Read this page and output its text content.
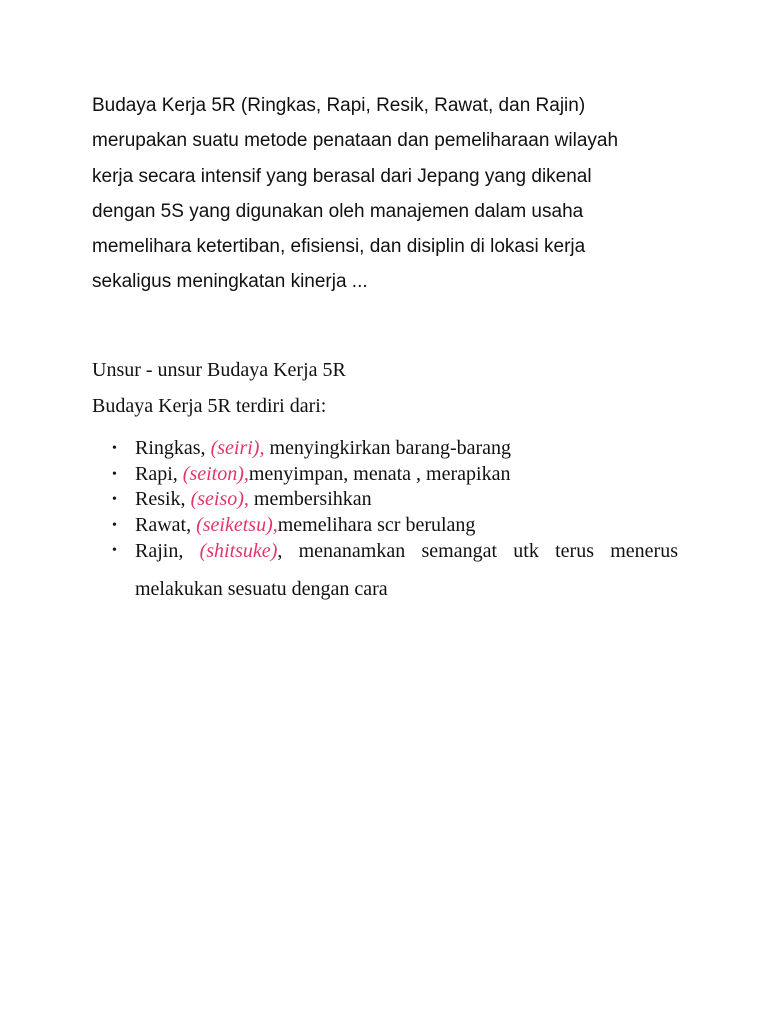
Budaya Kerja 5R (Ringkas, Rapi, Resik, Rawat, dan Rajin)
merupakan suatu metode penataan dan pemeliharaan wilayah
kerja secara intensif yang berasal dari Jepang yang dikenal
dengan 5S yang digunakan oleh manajemen dalam usaha
memelihara ketertiban, efisiensi, dan disiplin di lokasi kerja
sekaligus meningkatan kinerja ...

Unsur - unsur Budaya Kerja 5R

Budaya Kerja 5R terdiri dari:

• Ringkas, (seiri), menyingkirkan barang-barang
• Rapi, (seiton),menyimpan, menata , merapikan
• Resik, (seiso), membersihkan
• Rawat, (seiketsu),memelihara scr berulang
• Rajin, (shitsuke), menanamkan semangat utk terus menerus melakukan sesuatu dengan cara
